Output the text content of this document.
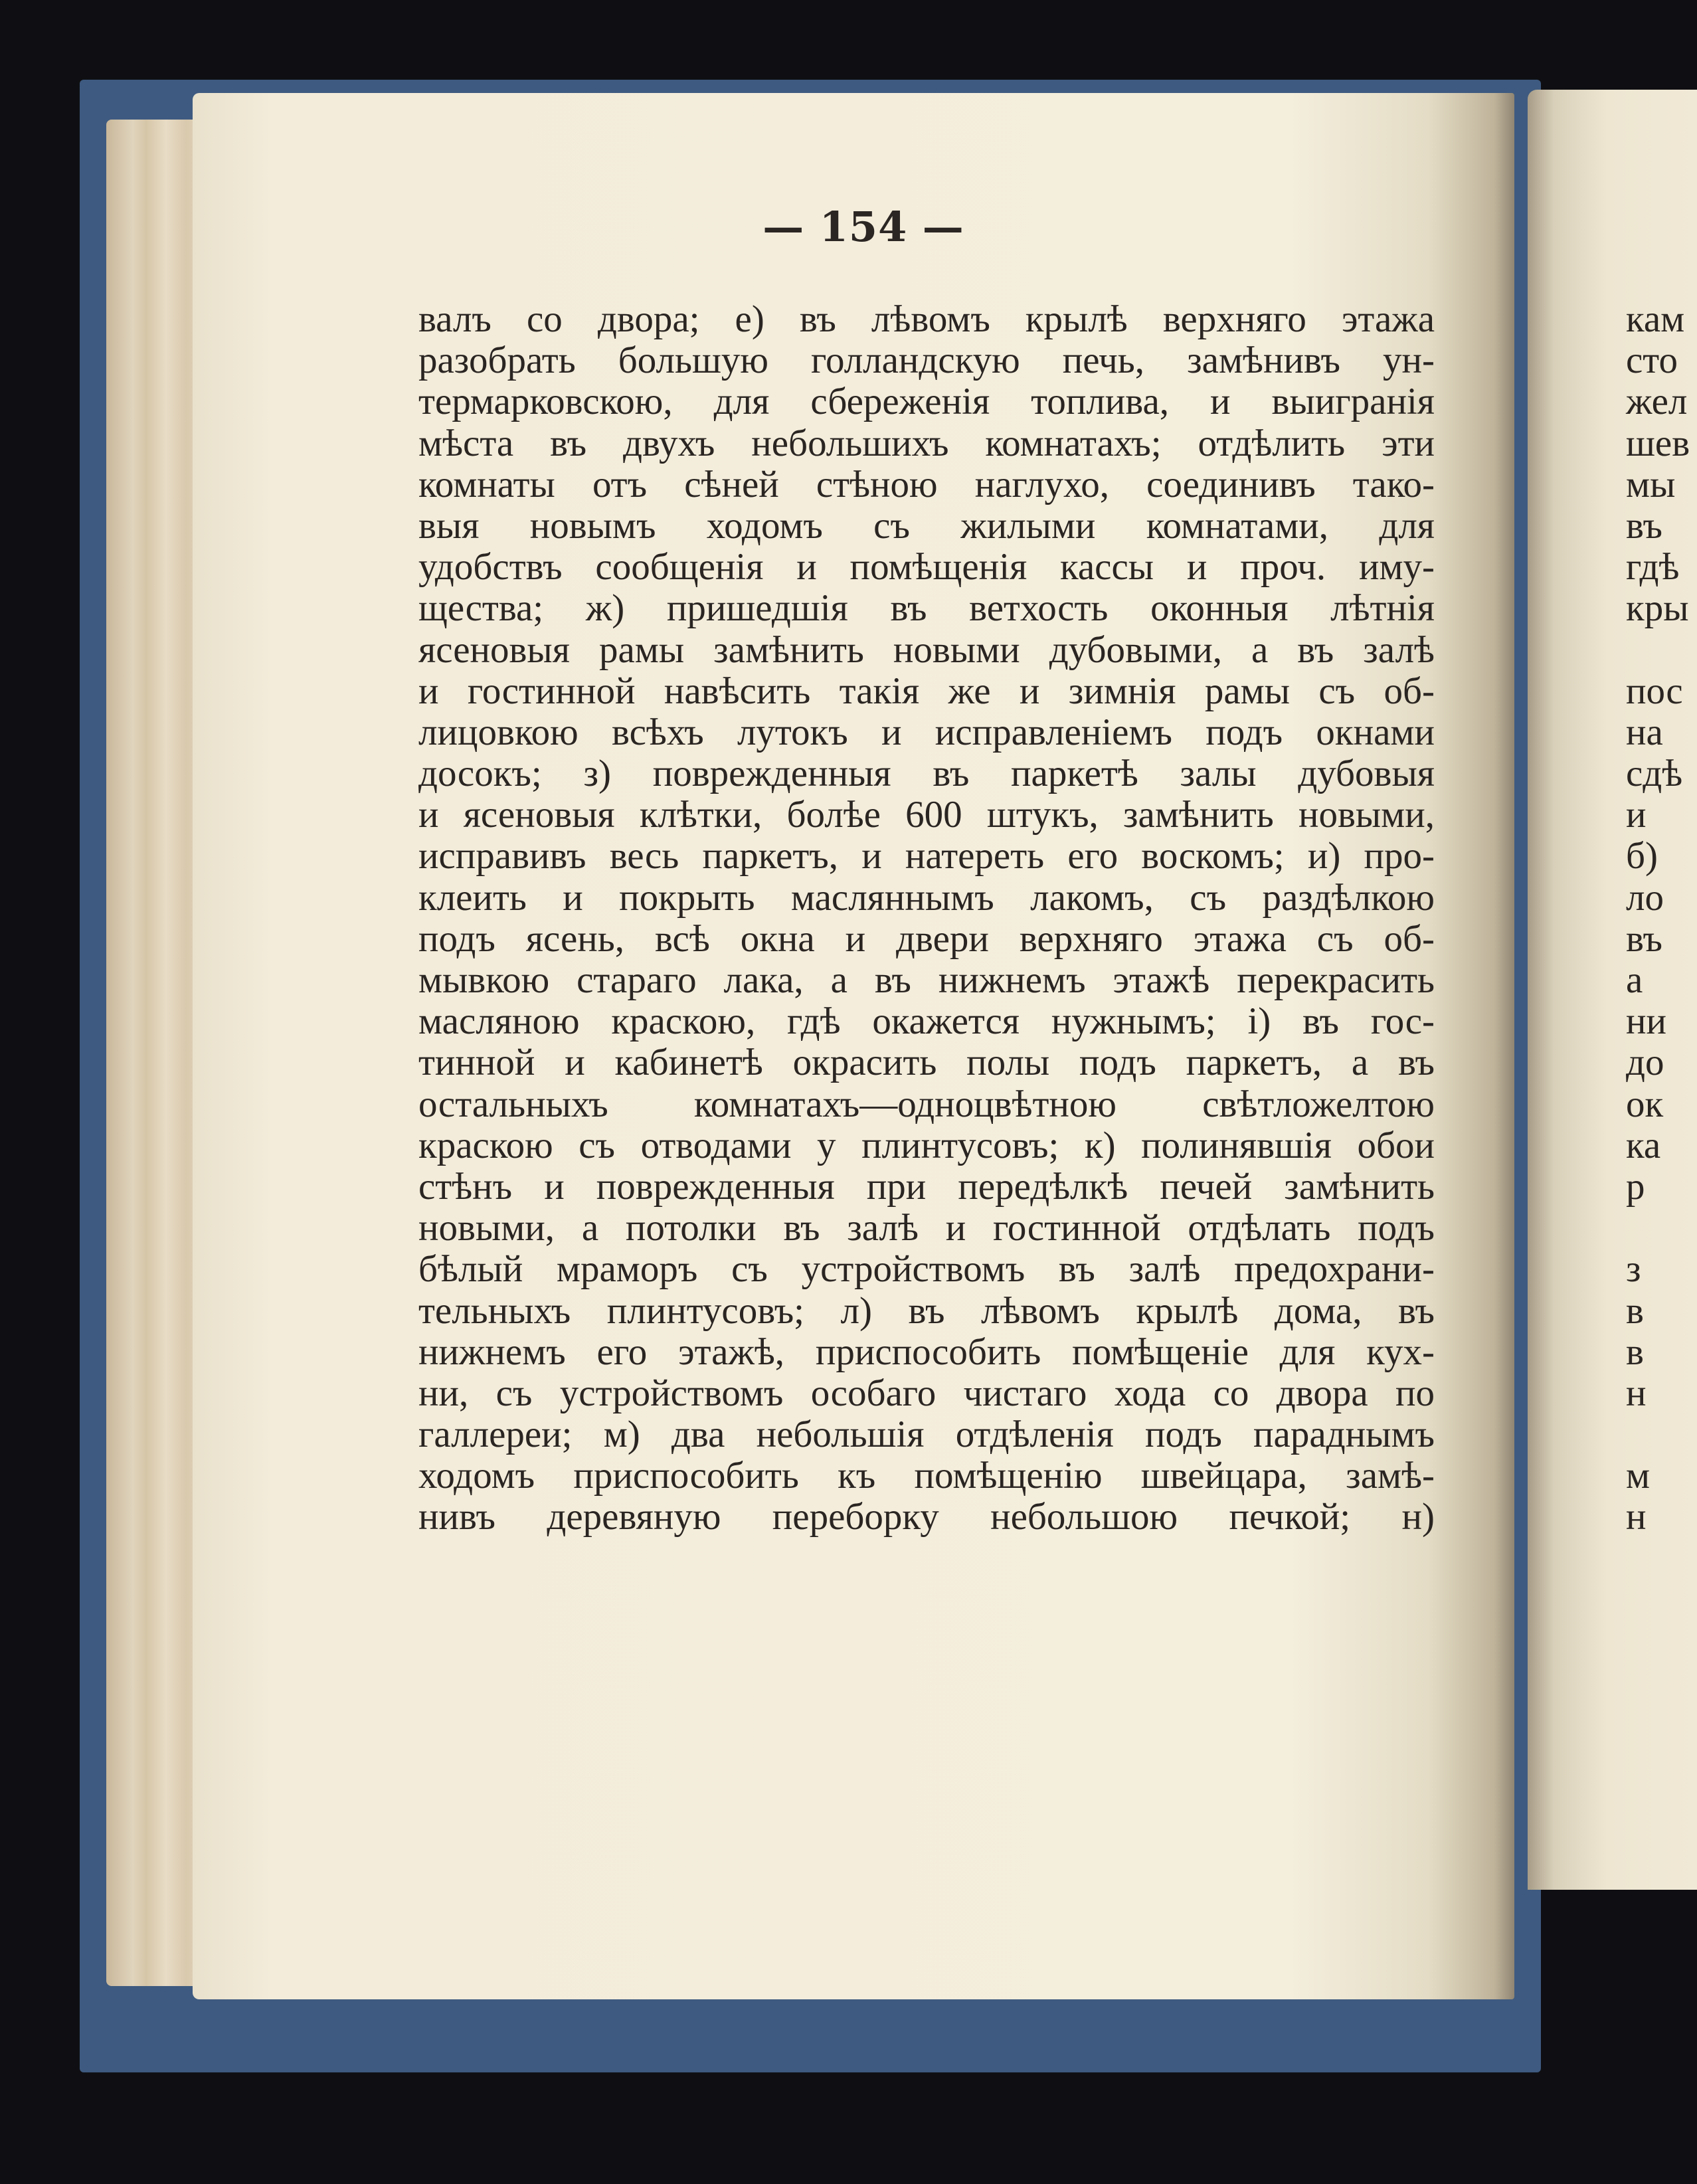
— 154 —
валъ со двора; е) въ лѣвомъ крылѣ верхняго этажа
разобрать большую голландскую печь, замѣнивъ ун-
термарковскою, для сбереженія топлива, и выигранія
мѣста въ двухъ небольшихъ комнатахъ; отдѣлить эти
комнаты отъ сѣней стѣною наглухо, соединивъ тако-
выя новымъ ходомъ съ жилыми комнатами, для
удобствъ сообщенія и помѣщенія кассы и проч. иму-
щества; ж) пришедшія въ ветхость оконныя лѣтнія
ясеновыя рамы замѣнить новыми дубовыми, а въ залѣ
и гостинной навѣсить такія же и зимнія рамы съ об-
лицовкою всѣхъ лутокъ и исправленіемъ подъ окнами
досокъ; з) поврежденныя въ паркетѣ залы дубовыя
и ясеновыя клѣтки, болѣе 600 штукъ, замѣнить новыми,
исправивъ весь паркетъ, и натереть его воскомъ; и) про-
клеить и покрыть масляннымъ лакомъ, съ раздѣлкою
подъ ясень, всѣ окна и двери верхняго этажа съ об-
мывкою стараго лака, а въ нижнемъ этажѣ перекрасить
масляною краскою, гдѣ окажется нужнымъ; і) въ гос-
тинной и кабинетѣ окрасить полы подъ паркетъ, а въ
остальныхъ комнатахъ—одноцвѣтною свѣтложелтою
краскою съ отводами у плинтусовъ; к) полинявшія обои
стѣнъ и поврежденныя при передѣлкѣ печей замѣнить
новыми, а потолки въ залѣ и гостинной отдѣлать подъ
бѣлый мраморъ съ устройствомъ въ залѣ предохрани-
тельныхъ плинтусовъ; л) въ лѣвомъ крылѣ дома, въ
нижнемъ его этажѣ, приспособить помѣщеніе для кух-
ни, съ устройствомъ особаго чистаго хода со двора по
галлереи; м) два небольшія отдѣленія подъ параднымъ
ходомъ приспособить къ помѣщенію швейцара, замѣ-
нивъ деревяную переборку небольшою печкой; н)
кам
сто
жел
шев
мы
въ
гдѣ
кры
пос
на
сдѣ
и
б)
ло
въ
а
ни
до
ок
ка
р
з
в
в
н
м
н
